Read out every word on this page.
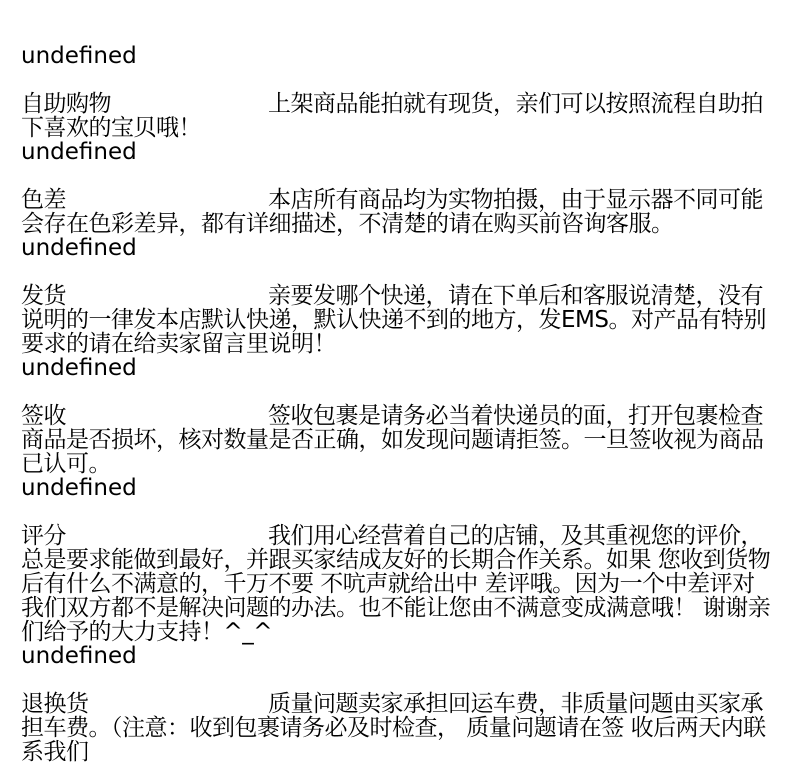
undefined
自助购物	上架商品能拍就有现货，亲们可以按照流程自助拍下喜欢的宝贝哦！
undefined
色差	本店所有商品均为实物拍摄，由于显示器不同可能会存在色彩差异，都有详细描述，不清楚的请在购买前咨询客服。
undefined
发货	亲要发哪个快递，请在下单后和客服说清楚，没有说明的一律发本店默认快递，默认快递不到的地方，发EMS。对产品有特别要求的请在给卖家留言里说明！
undefined
签收	签收包裹是请务必当着快递员的面，打开包裹检查商品是否损坏，核对数量是否正确，如发现问题请拒签。一旦签收视为商品已认可。
undefined
评分	我们用心经营着自己的店铺，及其重视您的评价，总是要求能做到最好，并跟买家结成友好的长期合作关系。如果 您收到货物后有什么不满意的，千万不要 不吭声就给出中 差评哦。因为一个中差评对我们双方都不是解决问题的办法。也不能让您由不满意变成满意哦！ 谢谢亲们给予的大力支持！^_^
undefined
退换货	质量问题卖家承担回运车费，非质量问题由买家承担车费。（注意：收到包裹请务必及时检查， 质量问题请在签 收后两天内联系我们
